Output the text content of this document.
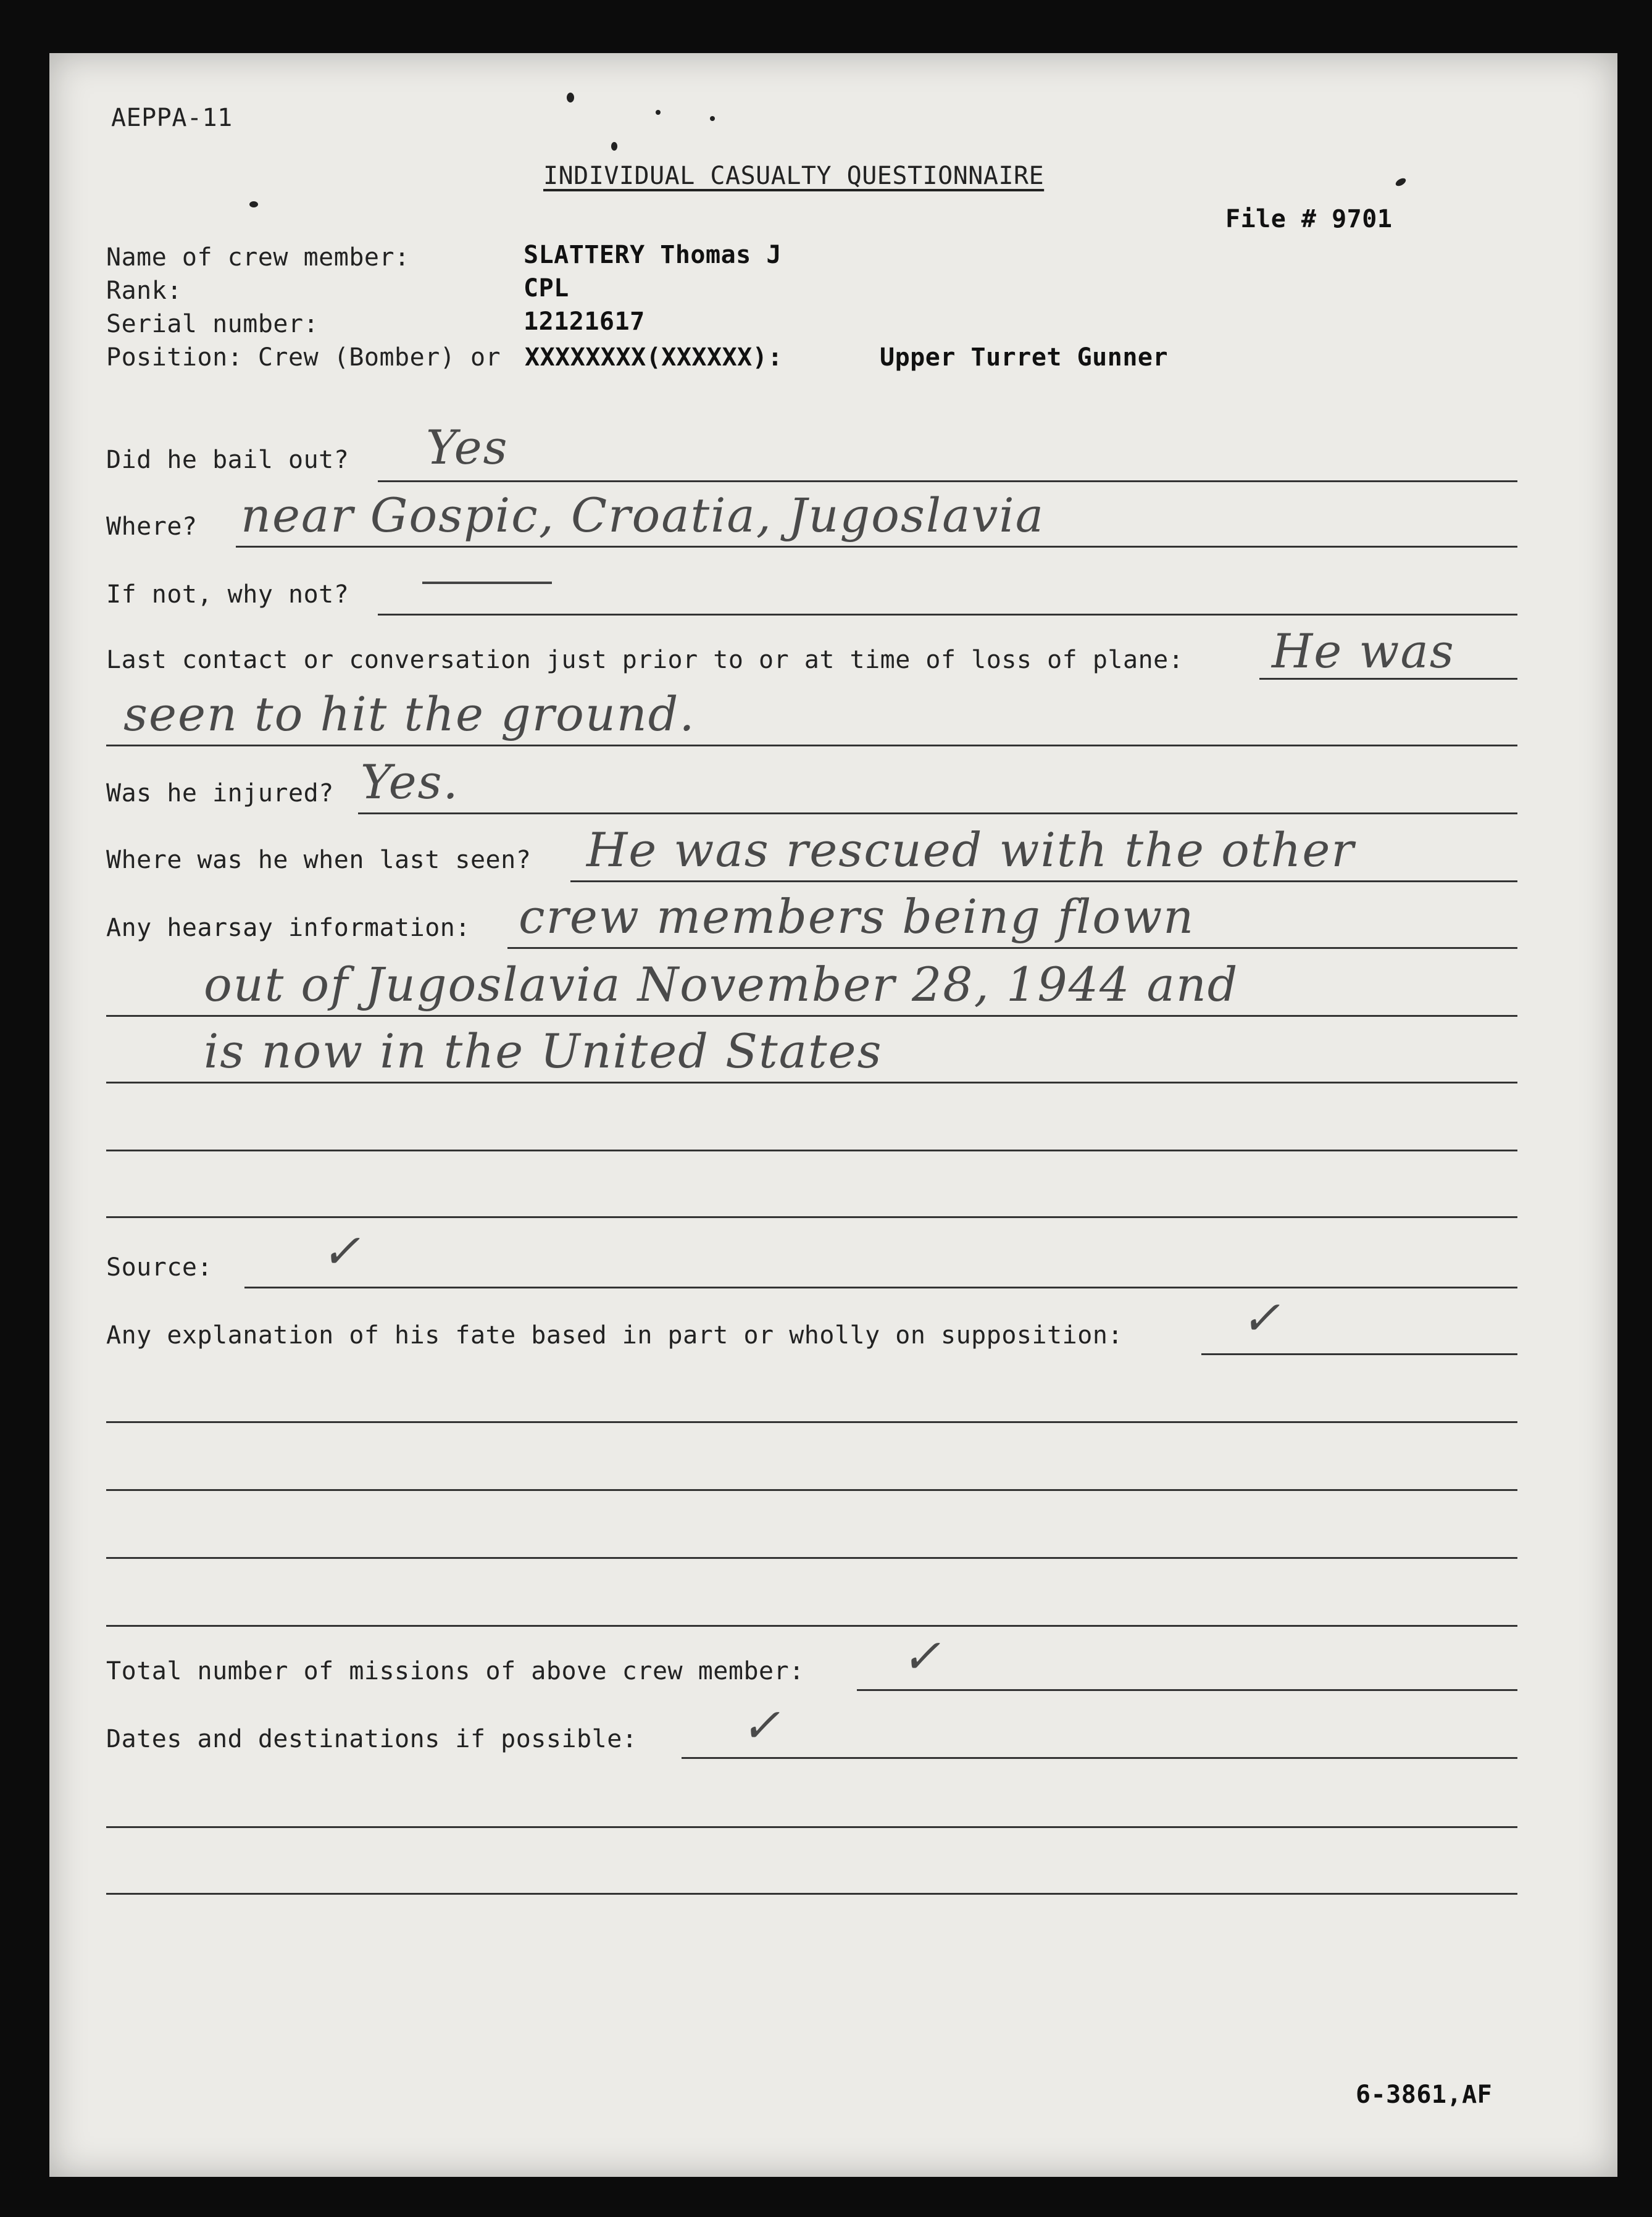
AEPPA-11
INDIVIDUAL CASUALTY QUESTIONNAIRE
File # 9701
Name of crew member:	SLATTERY Thomas J
Rank:	CPL
Serial number:	12121617
Position: Crew (Bomber) or XXXXXXXX(XXXXXX):	Upper Turret Gunner
Did he bail out? Yes
Where? near Gospic, Croatia, Jugoslavia
If not, why not?
Last contact or conversation just prior to or at time of loss of plane: He was
seen to hit the ground.
Was he injured? Yes.
Where was he when last seen? He was rescued with the other
Any hearsay information: crew members being flown
out of Jugoslavia November 28, 1944 and
is now in the United States
Source: ✓
Any explanation of his fate based in part or wholly on supposition:	✓
Total number of missions of above crew member: ✓
Dates and destinations if possible: ✓
6-3861,AF
